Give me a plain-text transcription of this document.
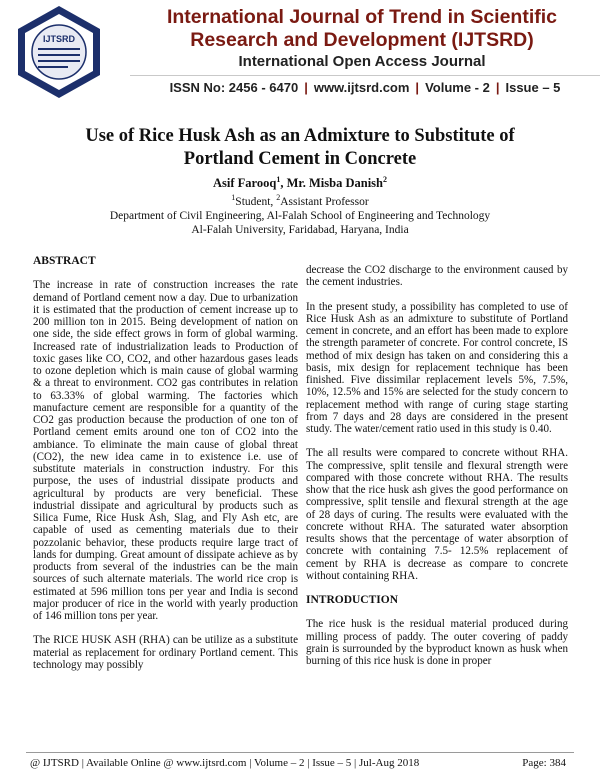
IJTSRD
International Journal of Trend in Scientific
Research and Development (IJTSRD)
International Open Access Journal
ISSN No: 2456 - 6470 | www.ijtsrd.com | Volume - 2 | Issue – 5
Use of Rice Husk Ash as an Admixture to Substitute of
Portland Cement in Concrete
Asif Farooq$^1$, Mr. Misba Danish$^2$
$^1$Student, $^2$Assistant Professor
Department of Civil Engineering, Al-Falah School of Engineering and Technology
Al-Falah University, Faridabad, Haryana, India

ABSTRACT

The increase in rate of construction increases the rate demand of Portland cement now a day. Due to urbanization it is estimated that the production of cement increase up to 200 million ton in 2015. Being development of nation on one side, the side effect grows in form of global warming. Increased rate of industrialization leads to Production of toxic gases like CO, CO2, and other hazardous gases leads to ozone depletion which is main cause of global warming & a threat to environment. CO2 gas contributes in relation to 63.33% of global warming. The factories which manufacture cement are responsible for a quantity of the CO2 gas production because the production of one ton of Portland cement emits around one ton of CO2 into the ambiance. To eliminate the main cause of global threat (CO2), the new idea came in to existence i.e. use of substitute materials in construction industry. For this purpose, the uses of industrial dissipate products and agricultural by products are very beneficial. These industrial dissipate and agricultural by products such as Silica Fume, Rice Husk Ash, Slag, and Fly Ash etc, are capable of used as cementing materials due to their pozzolanic behavior, these products require large tract of lands for dumping. Great amount of dissipate achieve as by products from several of the industries can be the main sources of such alternate materials. The world rice crop is estimated at 596 million tons per year and India is second major producer of rice in the world with yearly production of 146 million tons per year.

The RICE HUSK ASH (RHA) can be utilize as a substitute material as replacement for ordinary Portland cement. This technology may possibly

decrease the CO2 discharge to the environment caused by the cement industries.

In the present study, a possibility has completed to use of Rice Husk Ash as an admixture to substitute of Portland cement in concrete, and an effort has been made to explore the strength parameter of concrete. For control concrete, IS method of mix design has taken on and considering this a basis, mix design for replacement technique has been finished. Five dissimilar replacement levels 5%, 7.5%, 10%, 12.5% and 15% are selected for the study concern to replacement method with range of curing stage starting from 7 days and 28 days are considered in the present study. The water/cement ratio used in this study is 0.40.

The all results were compared to concrete without RHA. The compressive, split tensile and flexural strength were compared with those concrete without RHA. The results show that the rice husk ash gives the good performance on compressive, split tensile and flexural strength at the age of 28 days of curing. The results were evaluated with the concrete without RHA. The saturated water absorption results shows that the percentage of water absorption of concrete with containing 7.5- 12.5% replacement of cement by RHA is decrease as compare to concrete without containing RHA.

INTRODUCTION

The rice husk is the residual material produced during milling process of paddy. The outer covering of paddy grain is surrounded by the byproduct known as husk when burning of this rice husk is done in proper

@ IJTSRD | Available Online @ www.ijtsrd.com | Volume – 2 | Issue – 5 | Jul-Aug 2018	Page: 384
